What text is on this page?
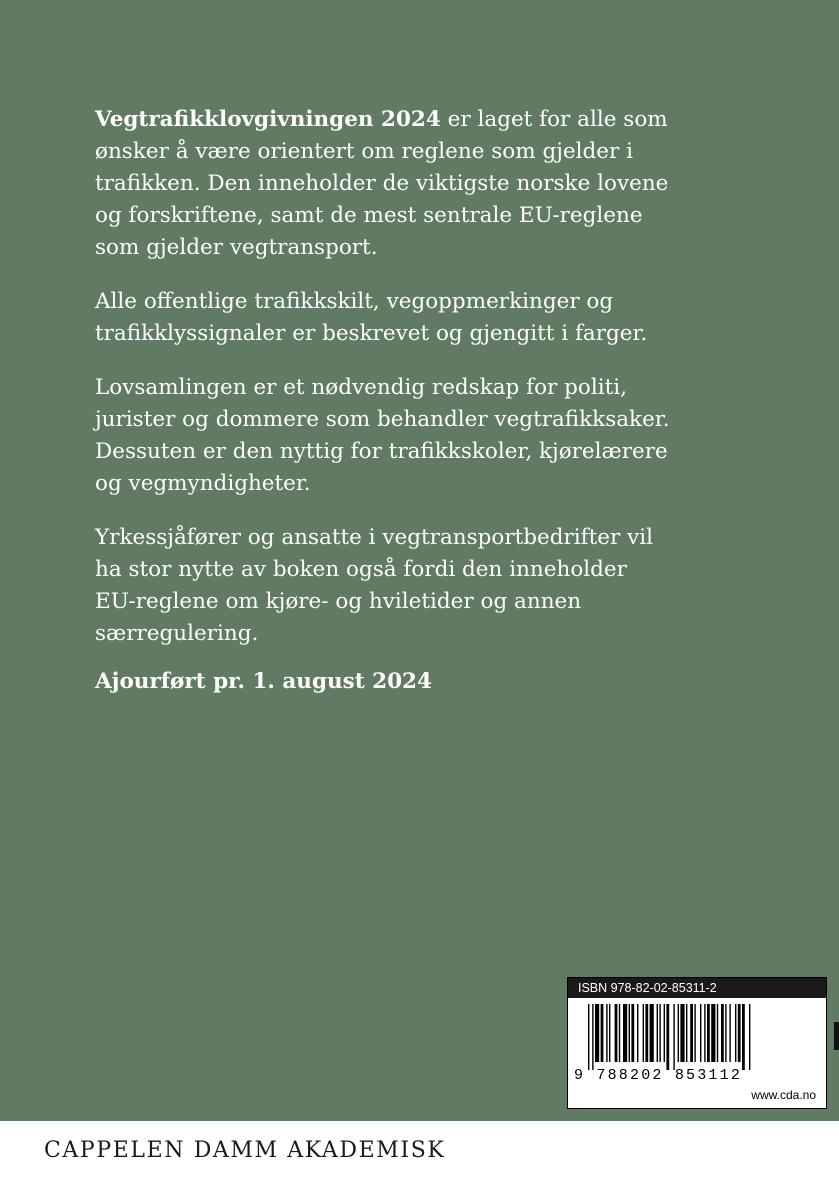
Vegtrafikklovgivningen 2024 er laget for alle som
ønsker å være orientert om reglene som gjelder i
trafikken. Den inneholder de viktigste norske lovene
og forskriftene, samt de mest sentrale EU-reglene
som gjelder vegtransport.

Alle offentlige trafikkskilt, vegoppmerkinger og
trafikklyssignaler er beskrevet og gjengitt i farger.

Lovsamlingen er et nødvendig redskap for politi,
jurister og dommere som behandler vegtrafikksaker.
Dessuten er den nyttig for trafikkskoler, kjørelærere
og vegmyndigheter.

Yrkessjåfører og ansatte i vegtransportbedrifter vil
ha stor nytte av boken også fordi den inneholder
EU-reglene om kjøre- og hviletider og annen
særregulering.

Ajourført pr. 1. august 2024
ISBN 978-82-02-85311-2
9 788202 853112
www.cda.no
CAPPELEN DAMM AKADEMISK
